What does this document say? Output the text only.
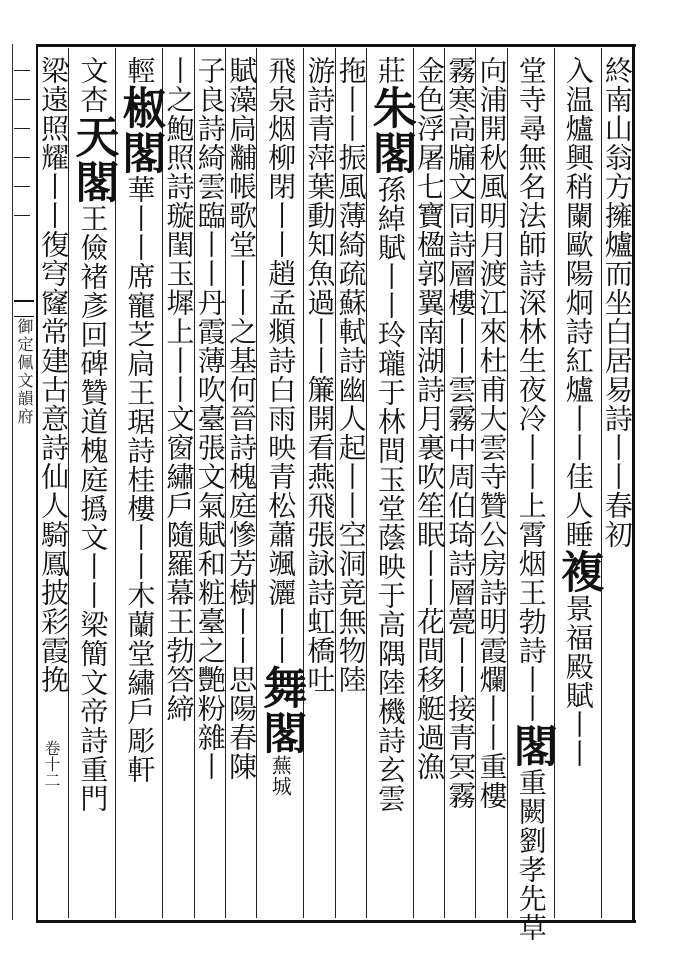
御定佩文韻府	終南山翁方擁爐而坐白居易詩丨丨春初
入温爐興稍闌歐陽炯詩紅爐丨丨佳人睡複景福殿賦丨丨
堂寺尋無名法師詩深林生夜冷丨丨上霄烟王勃詩丨丨閣重闕劉孝先草
向浦開秋風明月渡江來杜甫大雲寺贊公房詩明霞爛丨丨重樓
霧寒高牖文同詩層樓丨丨雲霧中周伯琦詩層甍丨丨接青冥霧
金色浮屠七寶楹郭翼南湖詩月裏吹笙眠丨丨花間移艇過漁
莊朱閣孫綽賦丨丨玲瓏于林間玉堂蔭映于高隅陸機詩玄雲
拖丨丨振風薄綺疏蘇軾詩幽人起丨丨空洞竟無物陸
游詩青萍葉動知魚過丨丨簾開看燕飛張詠詩虹橋吐
飛泉烟柳閉丨丨趙孟頫詩白雨映青松蕭颯灑丨丨舞閣蕪城
賦藻扃黼帳歌堂丨丨之基何晉詩槐庭慘芳樹丨丨思陽春陳
子良詩綺雲臨丨丨丹霞薄吹臺張文氣賦和粧臺之艷粉雜丨
丨之鮑照詩璇閨玉墀上丨丨文窗繡戶隨羅幕王勃答締
輕椒閣華丨丨席寵芝扃王琚詩桂樓丨丨木蘭堂繡戶彫軒
文杏天閣王儉褚彥回碑贊道槐庭撝文丨丨梁簡文帝詩重門
梁遠照耀丨丨復穹窿常建古意詩仙人騎鳳披彩霞挽
卷十二
